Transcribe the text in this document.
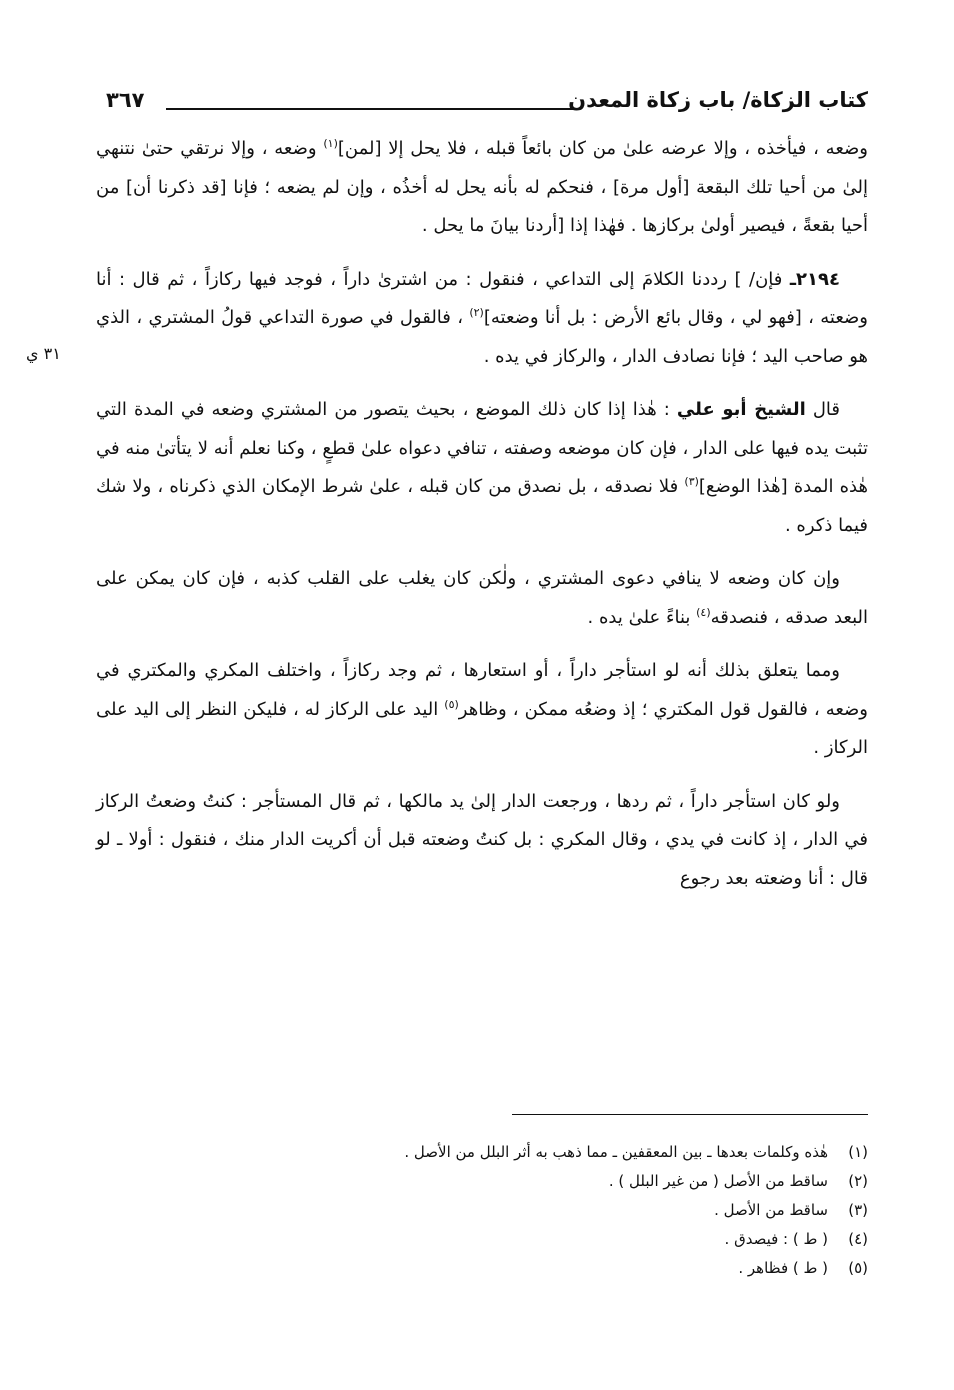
كتاب الزكاة/ باب زكاة المعدن
٣٦٧
٣١ ي

وضعه ، فيأخذه ، وإلا عرضه علىٰ من كان بائعاً قبله ، فلا يحل إلا [لمن]$^{(١)}$ وضعه ، وإلا نرتقي حتىٰ نتنهي إلىٰ من أحيا تلك البقعة [أول مرة] ، فنحكم له بأنه يحل له أخذُه ، وإن لم يضعه ؛ فإنا [قد ذكرنا أن] من أحيا بقعةً ، فيصير أولىٰ بركازها . فهٰذا إذا [أردنا بيانَ ما يحل .

٢١٩٤ـ فإن/ ] رددنا الكلامَ إلى التداعي ، فنقول : من اشترىٰ داراً ، فوجد فيها ركازاً ، ثم قال : أنا وضعته ، [فهو لي ، وقال بائع الأرض : بل أنا وضعته]$^{(٢)}$ ، فالقول في صورة التداعي قولُ المشتري ، الذي هو صاحب اليد ؛ فإنا نصادف الدار ، والركاز في يده .

قال الشيخ أبو علي : هٰذا إذا كان ذلك الموضع ، بحيث يتصور من المشتري وضعه في المدة التي تثبت يده فيها على الدار ، فإن كان موضعه وصفته ، تنافي دعواه علىٰ قطعٍ ، وكنا نعلم أنه لا يتأتىٰ منه في هٰذه المدة [هٰذا الوضع]$^{(٣)}$ فلا نصدقه ، بل نصدق من كان قبله ، علىٰ شرط الإمكان الذي ذكرناه ، ولا شك فيما ذكره .

وإن كان وضعه لا ينافي دعوى المشتري ، ولٰكن كان يغلب على القلب كذبه ، فإن كان يمكن على البعد صدقه ، فنصدقه$^{(٤)}$ بناءً علىٰ يده .

ومما يتعلق بذلك أنه لو استأجر داراً ، أو استعارها ، ثم وجد ركازاً ، واختلف المكري والمكتري في وضعه ، فالقول قول المكتري ؛ إذ وضعُه ممكن ، وظاهر$^{(٥)}$ اليد على الركاز له ، فليكن النظر إلى اليد على الركاز .

ولو كان استأجر داراً ، ثم ردها ، ورجعت الدار إلىٰ يد مالكها ، ثم قال المستأجر : كنتُ وضعتُ الركاز في الدار ، إذ كانت في يدي ، وقال المكري : بل كنتُ وضعته قبل أن أكريت الدار منك ، فنقول : أولا ـ لو قال : أنا وضعته بعد رجوع

(١)
هٰذه وكلمات بعدها ـ بين المعقفين ـ مما ذهب به أثر البلل من الأصل .
(٢)
ساقط من الأصل ( من غير البلل ) .
(٣)
ساقط من الأصل .
(٤)
( ط ) : فيصدق .
(٥)
( ط ) فظاهر .
